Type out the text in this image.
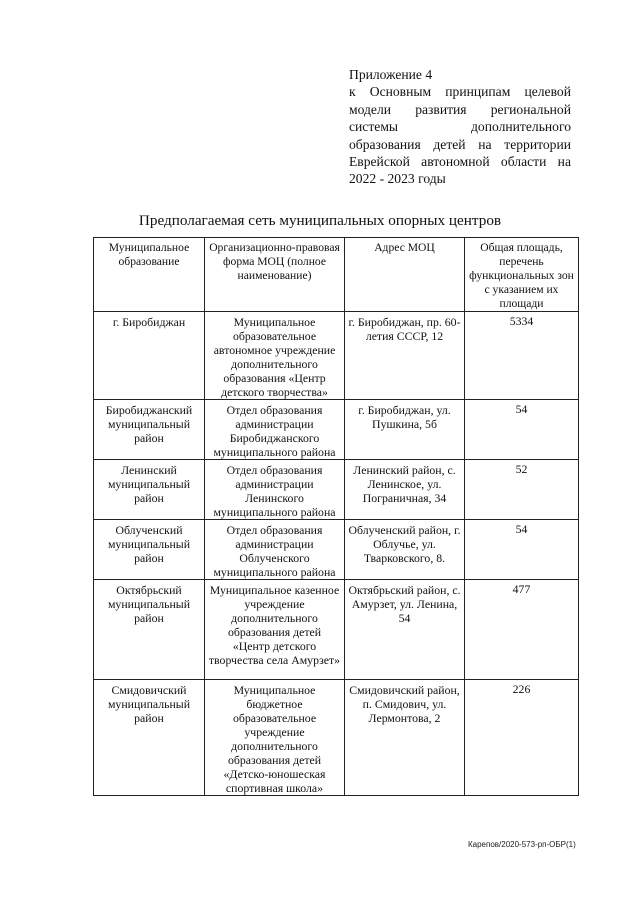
Приложение 4
к Основным принципам целевой
модели развития региональной
системы дополнительного
образования детей на территории
Еврейской автономной области на
2022 - 2023 годы
Предполагаемая сеть муниципальных опорных центров
Муниципальное образование	Организационно-правовая форма МОЦ (полное наименование)	Адрес МОЦ	Общая площадь, перечень функциональных зон с указанием их площади
г. Биробиджан	Муниципальное образовательное автономное учреждение дополнительного образования «Центр детского творчества»	г. Биробиджан, пр. 60-летия СССР, 12	5334
Биробиджанский муниципальный район	Отдел образования администрации Биробиджанского муниципального района	г. Биробиджан, ул. Пушкина, 5б	54
Ленинский муниципальный район	Отдел образования администрации Ленинского муниципального района	Ленинский район, с. Ленинское, ул. Пограничная, 34	52
Облученский муниципальный район	Отдел образования администрации Облученского муниципального района	Облученский район, г. Облучье, ул. Тварковского, 8.	54
Октябрьский муниципальный район	Муниципальное казенное учреждение дополнительного образования детей «Центр детского творчества села Амурзет»	Октябрьский район, с. Амурзет, ул. Ленина, 54	477
Смидовичский муниципальный район	Муниципальное бюджетное образовательное учреждение дополнительного образования детей «Детско-юношеская спортивная школа»	Смидовичский район, п. Смидович, ул. Лермонтова, 2	226
Карепов/2020-573-рп-ОБР(1)
